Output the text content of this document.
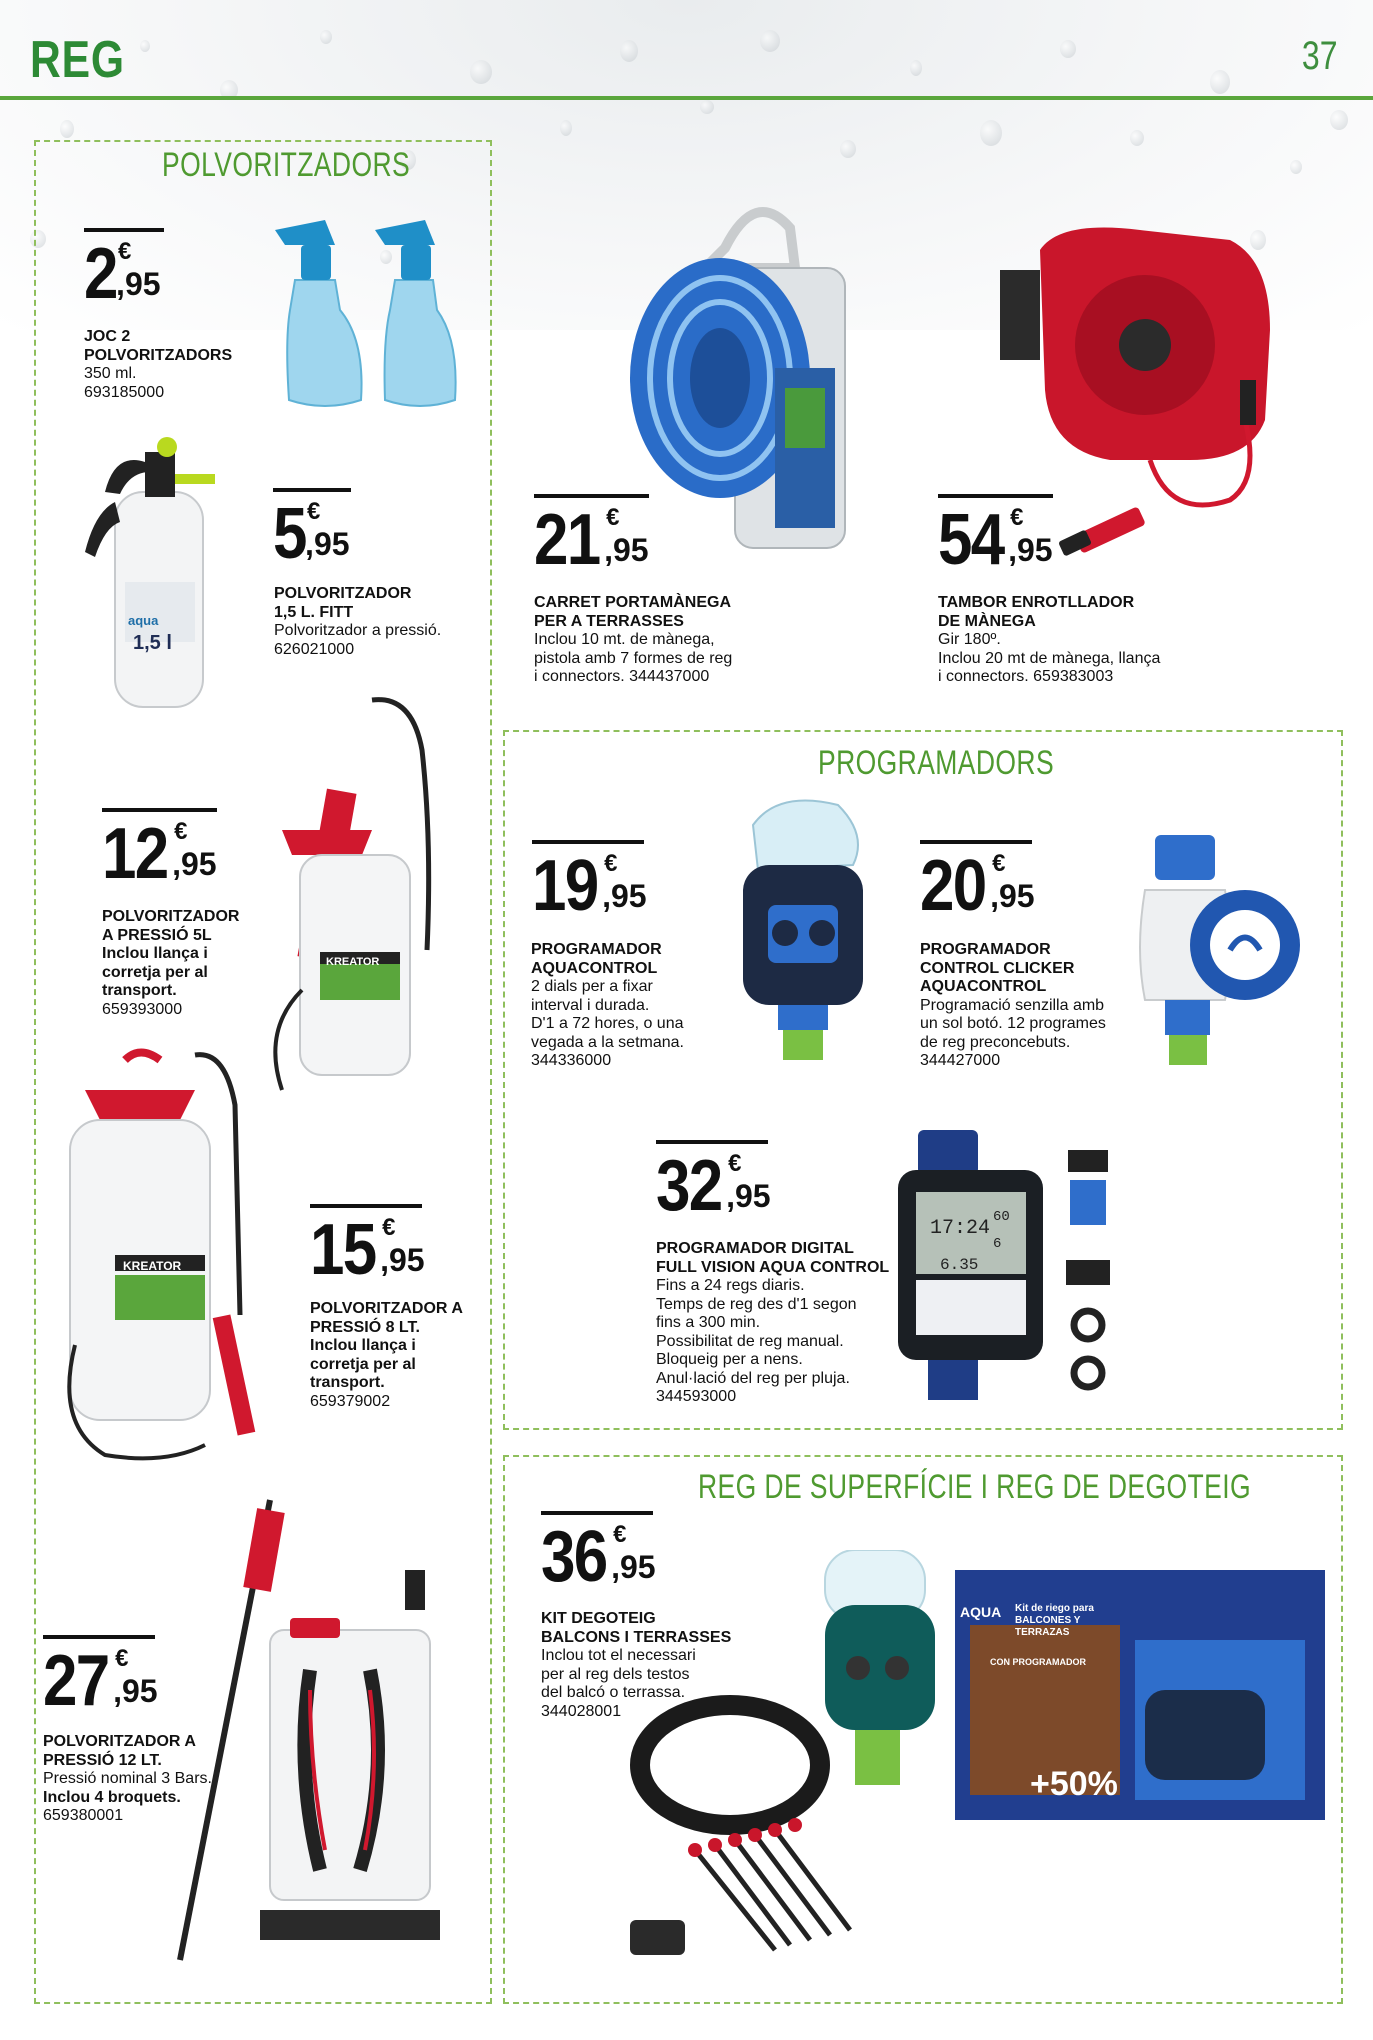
REG	37
POLVORITZADORS
PROGRAMADORS
REG DE SUPERFÍCIE I REG DE DEGOTEIG
aqua
1,5 l
KREATOR
17:24 60
6
6.35
KREATOR
AQUA Kit de riego para BALCONES Y TERRAZAS
CON PROGRAMADOR
+50%
2 €
,95
JOC 2
POLVORITZADORS
350 ml.
693185000
5 €
,95
POLVORITZADOR
1,5 L. FITT
Polvoritzador a pressió.
626021000
21 €
,95
CARRET PORTAMÀNEGA
PER A TERRASSES
Inclou 10 mt. de mànega,
pistola amb 7 formes de reg
i connectors. 344437000
54 €
,95
TAMBOR ENROTLLADOR
DE MÀNEGA
Gir 180º.
Inclou 20 mt de mànega, llança
i connectors. 659383003
12 €
,95
POLVORITZADOR
A PRESSIÓ 5L
Inclou llança i
corretja per al
transport.
659393000
19 €
,95
PROGRAMADOR
AQUACONTROL
2 dials per a fixar
interval i durada.
D'1 a 72 hores, o una
vegada a la setmana.
344336000
20 €
,95
PROGRAMADOR
CONTROL CLICKER
AQUACONTROL
Programació senzilla amb
un sol botó. 12 programes
de reg preconcebuts.
344427000
32 €
,95
PROGRAMADOR DIGITAL
FULL VISION AQUA CONTROL
Fins a 24 regs diaris.
Temps de reg des d'1 segon
fins a 300 min.
Possibilitat de reg manual.
Bloqueig per a nens.
Anul·lació del reg per pluja.
344593000
15 €
,95
POLVORITZADOR A
PRESSIÓ 8 LT.
Inclou llança i
corretja per al
transport.
659379002
36 €
,95
KIT DEGOTEIG
BALCONS I TERRASSES
Inclou tot el necessari
per al reg dels testos
del balcó o terrassa.
344028001
27 €
,95
POLVORITZADOR A
PRESSIÓ 12 LT.
Pressió nominal 3 Bars.
Inclou 4 broquets.
659380001
